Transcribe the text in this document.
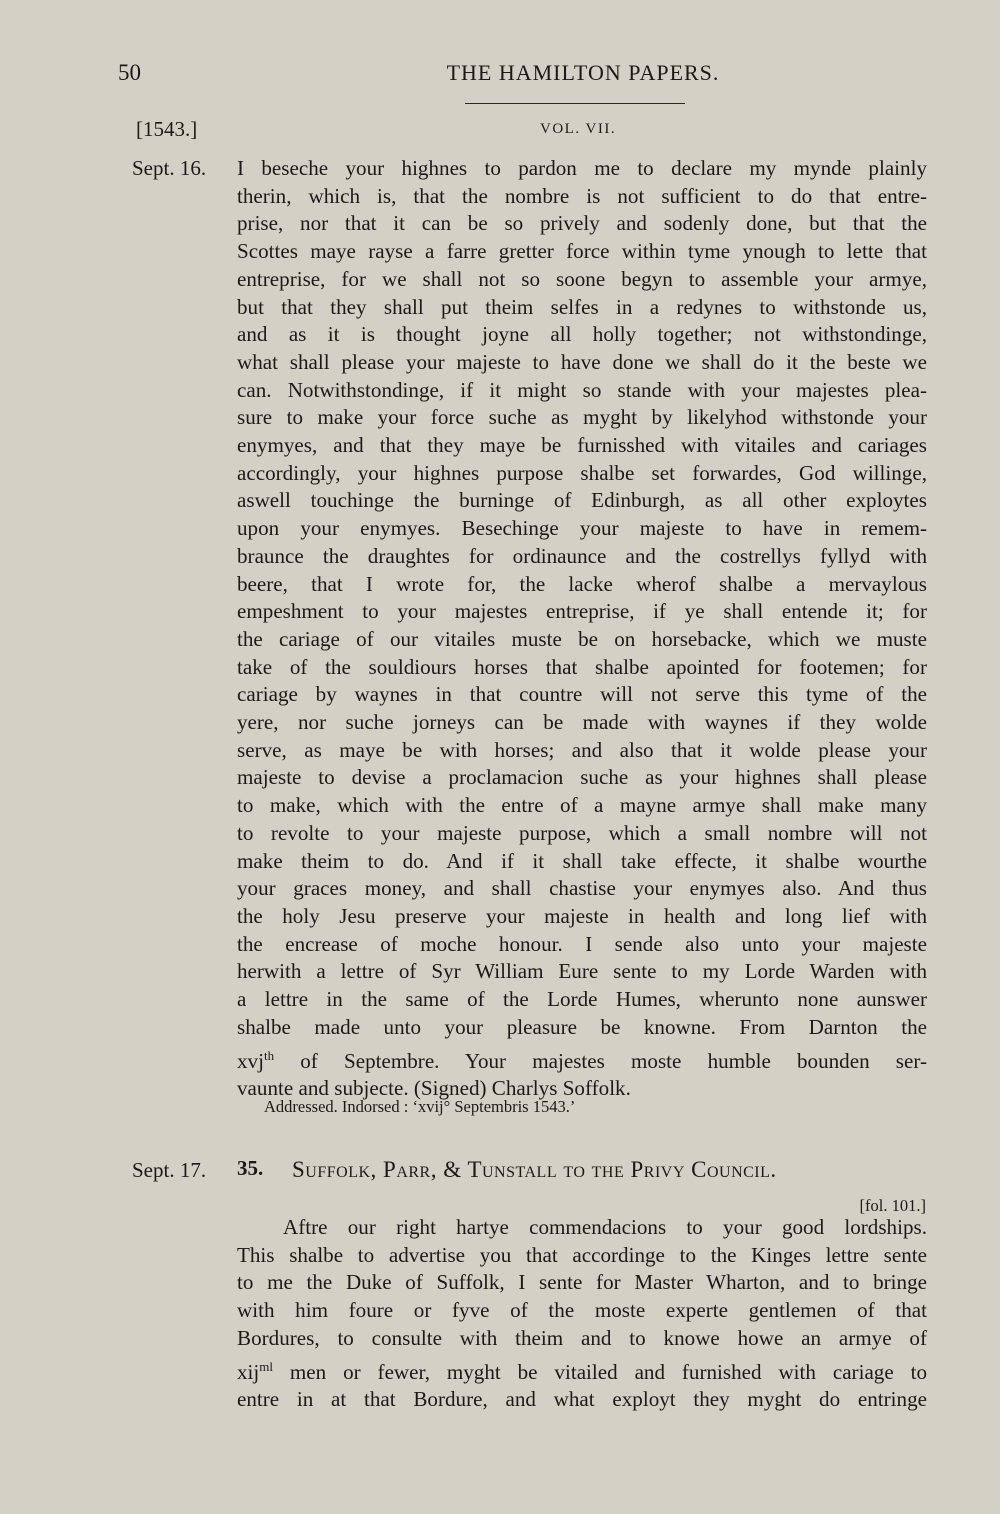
50	THE HAMILTON PAPERS.
[1543.]	VOL. VII.
Sept. 16. I beseche your highnes to pardon me to declare my mynde plainly
therin, which is, that the nombre is not sufficient to do that entre-
prise, nor that it can be so prively and sodenly done, but that the
Scottes maye rayse a farre gretter force within tyme ynough to lette that
entreprise, for we shall not so soone begyn to assemble your armye,
but that they shall put theim selfes in a redynes to withstonde us,
and as it is thought joyne all holly together; not withstondinge,
what shall please your majeste to have done we shall do it the beste we
can. Notwithstondinge, if it might so stande with your majestes plea-
sure to make your force suche as myght by likelyhod withstonde your
enymyes, and that they maye be furnisshed with vitailes and cariages
accordingly, your highnes purpose shalbe set forwardes, God willinge,
aswell touchinge the burninge of Edinburgh, as all other exploytes
upon your enymyes. Besechinge your majeste to have in remem-
braunce the draughtes for ordinaunce and the costrellys fyllyd with
beere, that I wrote for, the lacke wherof shalbe a mervaylous
empeshment to your majestes entreprise, if ye shall entende it; for
the cariage of our vitailes muste be on horsebacke, which we muste
take of the souldiours horses that shalbe apointed for footemen; for
cariage by waynes in that countre will not serve this tyme of the
yere, nor suche jorneys can be made with waynes if they wolde
serve, as maye be with horses; and also that it wolde please your
majeste to devise a proclamacion suche as your highnes shall please
to make, which with the entre of a mayne armye shall make many
to revolte to your majeste purpose, which a small nombre will not
make theim to do. And if it shall take effecte, it shalbe wourthe
your graces money, and shall chastise your enymyes also. And thus
the holy Jesu preserve your majeste in health and long lief with
the encrease of moche honour. I sende also unto your majeste
herwith a lettre of Syr William Eure sente to my Lorde Warden with
a lettre in the same of the Lorde Humes, wherunto none aunswer
shalbe made unto your pleasure be knowne. From Darnton the
xvj$^{th}$ of Septembre. Your majestes moste humble bounden ser-
vaunte and subjecte. (Signed) Charlys Soffolk.
Addressed. Indorsed : ‘xvij° Septembris 1543.’
Sept. 17. 35. Suffolk, Parr, & Tunstall to the Privy Council.
[fol. 101.]
Aftre our right hartye commendacions to your good lordships.
This shalbe to advertise you that accordinge to the Kinges lettre sente
to me the Duke of Suffolk, I sente for Master Wharton, and to bringe
with him foure or fyve of the moste experte gentlemen of that
Bordures, to consulte with theim and to knowe howe an armye of
xij$^{ml}$ men or fewer, myght be vitailed and furnished with cariage to
entre in at that Bordure, and what exployt they myght do entringe
